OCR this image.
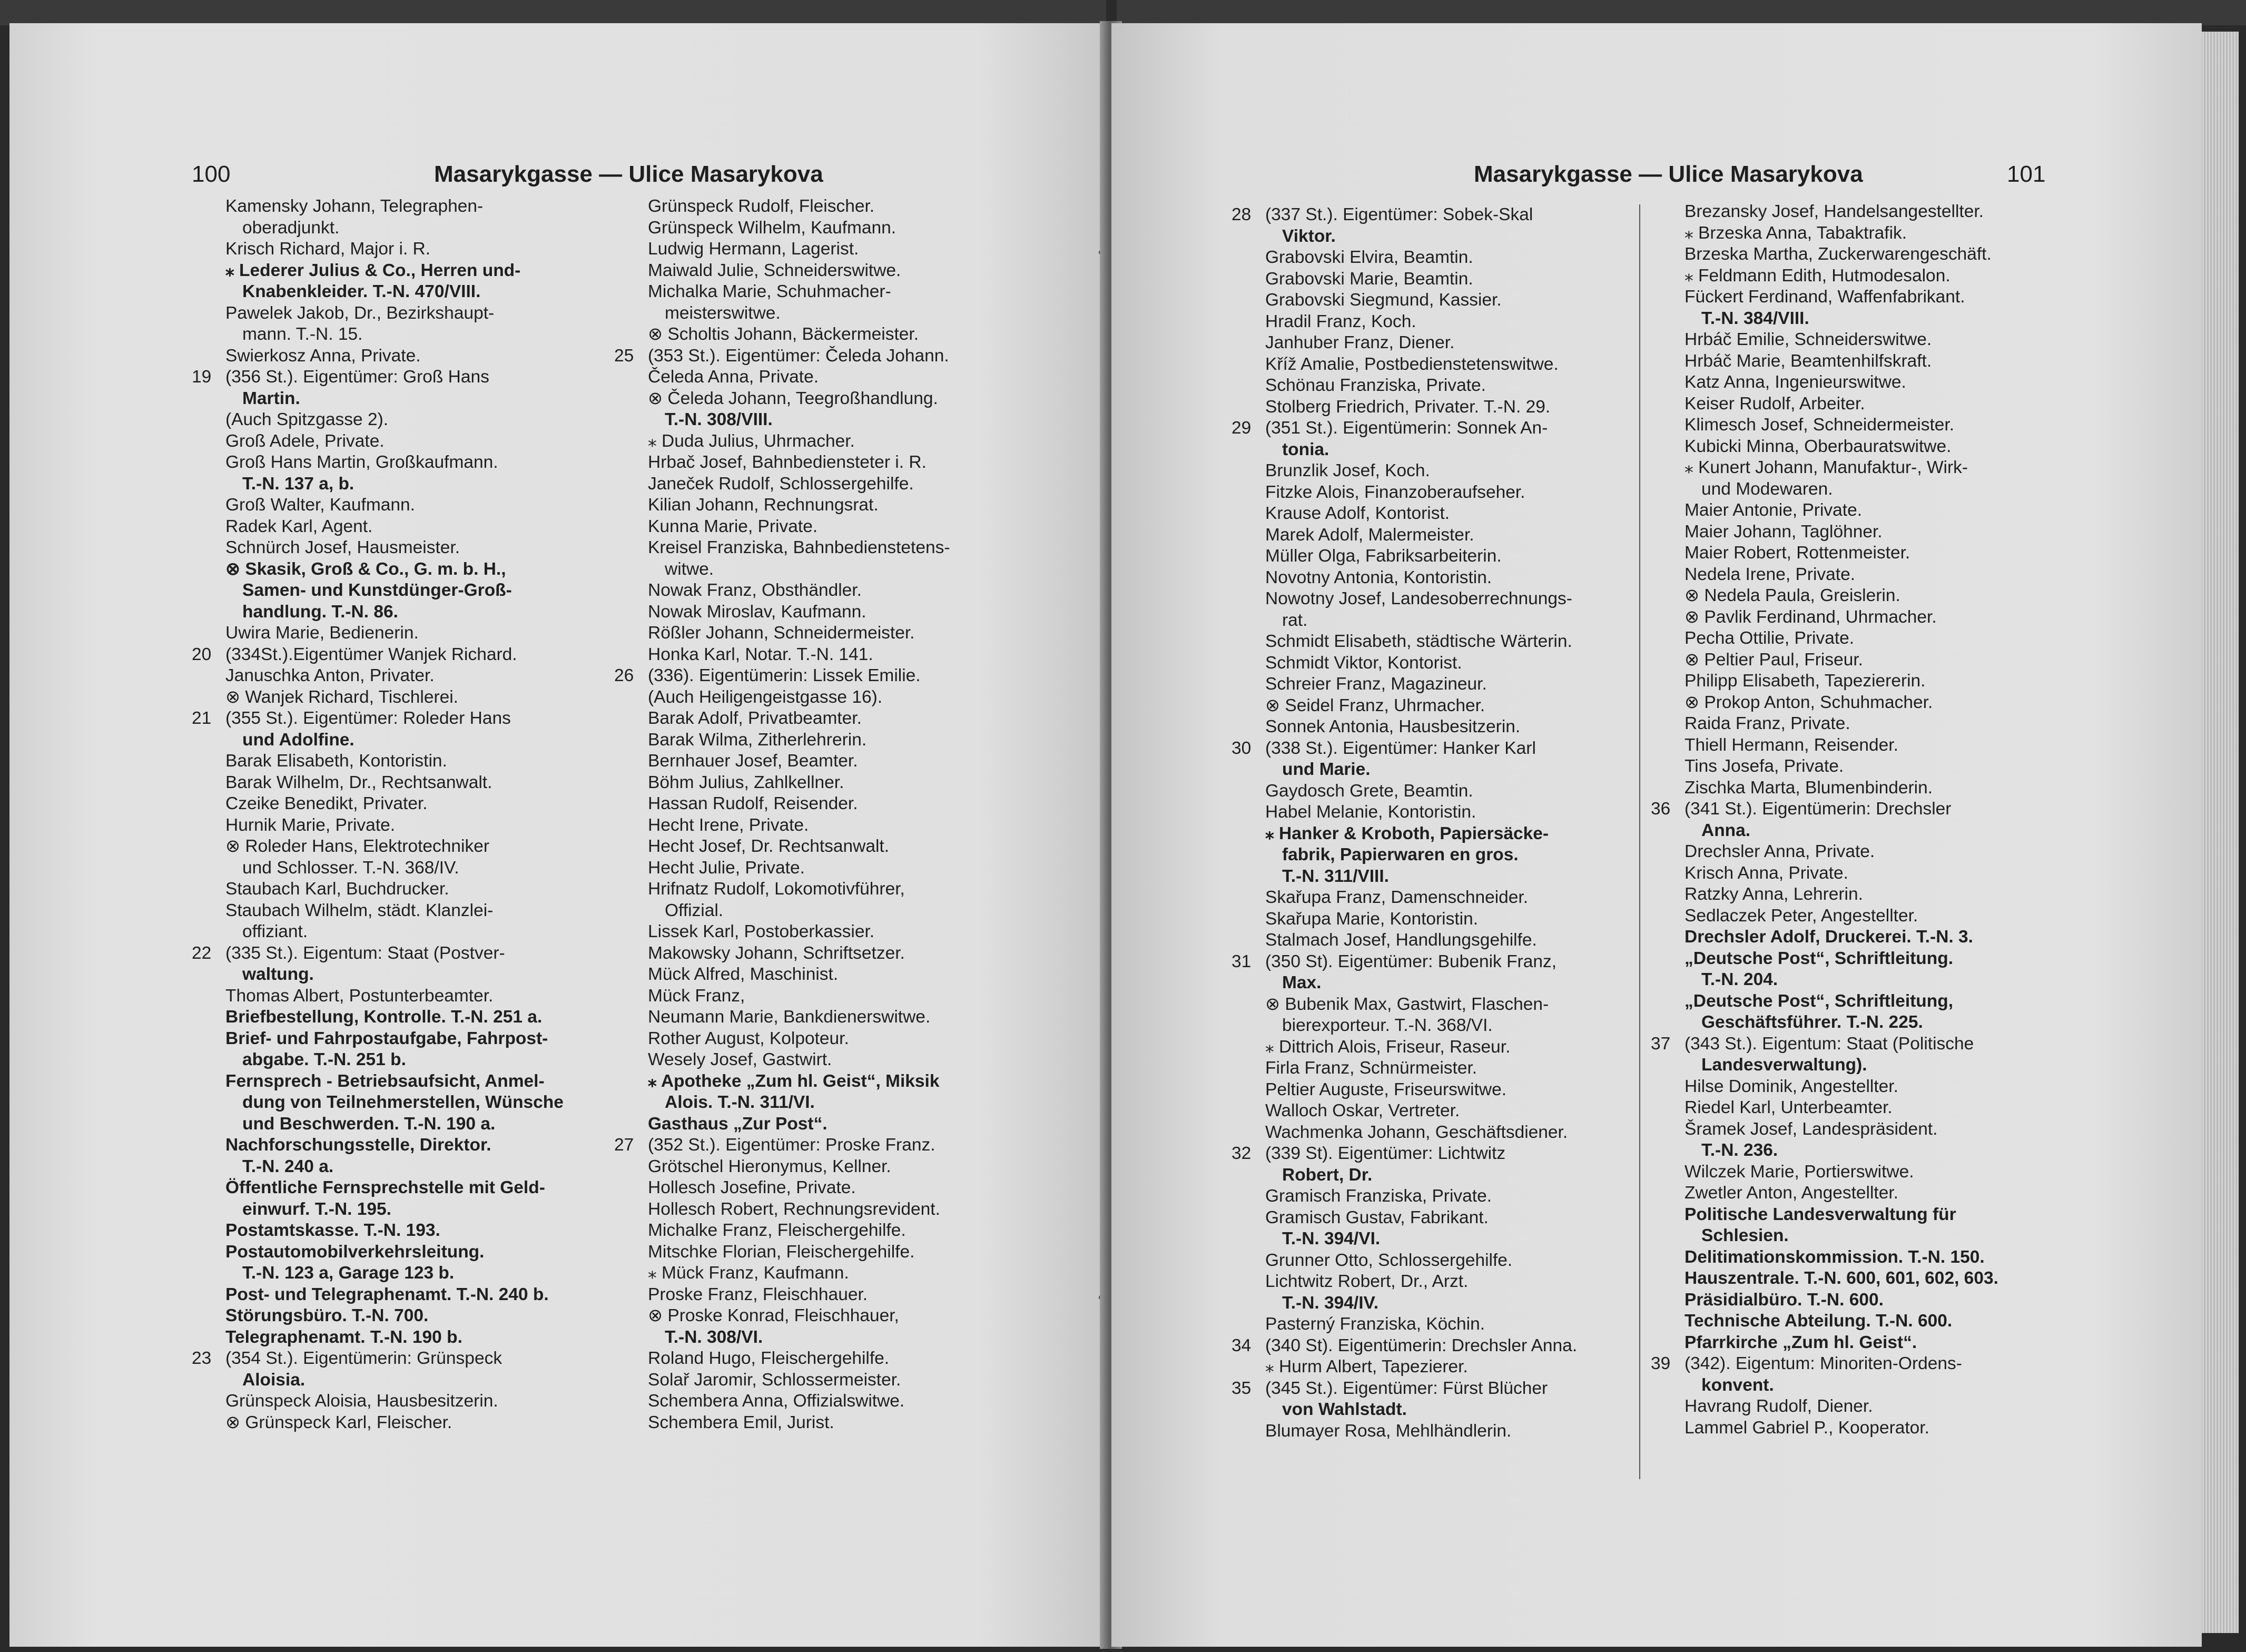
100	Masarykgasse — Ulice Masarykova
Kamensky Johann, Telegraphen-
oberadjunkt.
Krisch Richard, Major i. R.
⁎ Lederer Julius & Co., Herren und-
Knabenkleider. T.-N. 470/VIII.
Pawelek Jakob, Dr., Bezirkshaupt-
mann. T.-N. 15.
Swierkosz Anna, Private.
19 (356 St.). Eigentümer: Groß Hans
Martin.
(Auch Spitzgasse 2).
Groß Adele, Private.
Groß Hans Martin, Großkaufmann.
T.-N. 137 a, b.
Groß Walter, Kaufmann.
Radek Karl, Agent.
Schnürch Josef, Hausmeister.
⊗ Skasik, Groß & Co., G. m. b. H.,
Samen- und Kunstdünger-Groß-
handlung. T.-N. 86.
Uwira Marie, Bedienerin.
20 (334St.).Eigentümer Wanjek Richard.
Januschka Anton, Privater.
⊗ Wanjek Richard, Tischlerei.
21 (355 St.). Eigentümer: Roleder Hans
und Adolfine.
Barak Elisabeth, Kontoristin.
Barak Wilhelm, Dr., Rechtsanwalt.
Czeike Benedikt, Privater.
Hurnik Marie, Private.
⊗ Roleder Hans, Elektrotechniker
und Schlosser. T.-N. 368/IV.
Staubach Karl, Buchdrucker.
Staubach Wilhelm, städt. Klanzlei-
offiziant.
22 (335 St.). Eigentum: Staat (Postver-
waltung.
Thomas Albert, Postunterbeamter.
Briefbestellung, Kontrolle. T.-N. 251 a.
Brief- und Fahrpostaufgabe, Fahrpost-
abgabe. T.-N. 251 b.
Fernsprech - Betriebsaufsicht, Anmel-
dung von Teilnehmerstellen, Wünsche
und Beschwerden. T.-N. 190 a.
Nachforschungsstelle, Direktor.
T.-N. 240 a.
Öffentliche Fernsprechstelle mit Geld-
einwurf. T.-N. 195.
Postamtskasse. T.-N. 193.
Postautomobilverkehrsleitung.
T.-N. 123 a, Garage 123 b.
Post- und Telegraphenamt. T.-N. 240 b.
Störungsbüro. T.-N. 700.
Telegraphenamt. T.-N. 190 b.
23 (354 St.). Eigentümerin: Grünspeck
Aloisia.
Grünspeck Aloisia, Hausbesitzerin.
⊗ Grünspeck Karl, Fleischer.
Grünspeck Rudolf, Fleischer.
Grünspeck Wilhelm, Kaufmann.
Ludwig Hermann, Lagerist.
Maiwald Julie, Schneiderswitwe.
Michalka Marie, Schuhmacher-
meisterswitwe.
⊗ Scholtis Johann, Bäckermeister.
25 (353 St.). Eigentümer: Čeleda Johann.
Čeleda Anna, Private.
⊗ Čeleda Johann, Teegroßhandlung.
T.-N. 308/VIII.
⁎ Duda Julius, Uhrmacher.
Hrbač Josef, Bahnbediensteter i. R.
Janeček Rudolf, Schlossergehilfe.
Kilian Johann, Rechnungsrat.
Kunna Marie, Private.
Kreisel Franziska, Bahnbedienstetens-
witwe.
Nowak Franz, Obsthändler.
Nowak Miroslav, Kaufmann.
Rößler Johann, Schneidermeister.
Honka Karl, Notar. T.-N. 141.
26 (336). Eigentümerin: Lissek Emilie.
(Auch Heiligengeistgasse 16).
Barak Adolf, Privatbeamter.
Barak Wilma, Zitherlehrerin.
Bernhauer Josef, Beamter.
Böhm Julius, Zahlkellner.
Hassan Rudolf, Reisender.
Hecht Irene, Private.
Hecht Josef, Dr. Rechtsanwalt.
Hecht Julie, Private.
Hrifnatz Rudolf, Lokomotivführer,
Offizial.
Lissek Karl, Postoberkassier.
Makowsky Johann, Schriftsetzer.
Mück Alfred, Maschinist.
Mück Franz,
Neumann Marie, Bankdienerswitwe.
Rother August, Kolpoteur.
Wesely Josef, Gastwirt.
⁎ Apotheke „Zum hl. Geist“, Miksik
Alois. T.-N. 311/VI.
Gasthaus „Zur Post“.
27 (352 St.). Eigentümer: Proske Franz.
Grötschel Hieronymus, Kellner.
Hollesch Josefine, Private.
Hollesch Robert, Rechnungsrevident.
Michalke Franz, Fleischergehilfe.
Mitschke Florian, Fleischergehilfe.
⁎ Mück Franz, Kaufmann.
Proske Franz, Fleischhauer.
⊗ Proske Konrad, Fleischhauer,
T.-N. 308/VI.
Roland Hugo, Fleischergehilfe.
Solař Jaromir, Schlossermeister.
Schembera Anna, Offizialswitwe.
Schembera Emil, Jurist.
Masarykgasse — Ulice Masarykova	101
28 (337 St.). Eigentümer: Sobek-Skal
Viktor.
Grabovski Elvira, Beamtin.
Grabovski Marie, Beamtin.
Grabovski Siegmund, Kassier.
Hradil Franz, Koch.
Janhuber Franz, Diener.
Kříž Amalie, Postbedienstetenswitwe.
Schönau Franziska, Private.
Stolberg Friedrich, Privater. T.-N. 29.
29 (351 St.). Eigentümerin: Sonnek An-
tonia.
Brunzlik Josef, Koch.
Fitzke Alois, Finanzoberaufseher.
Krause Adolf, Kontorist.
Marek Adolf, Malermeister.
Müller Olga, Fabriksarbeiterin.
Novotny Antonia, Kontoristin.
Nowotny Josef, Landesoberrechnungs-
rat.
Schmidt Elisabeth, städtische Wärterin.
Schmidt Viktor, Kontorist.
Schreier Franz, Magazineur.
⊗ Seidel Franz, Uhrmacher.
Sonnek Antonia, Hausbesitzerin.
30 (338 St.). Eigentümer: Hanker Karl
und Marie.
Gaydosch Grete, Beamtin.
Habel Melanie, Kontoristin.
⁎ Hanker & Kroboth, Papiersäcke-
fabrik, Papierwaren en gros.
T.-N. 311/VIII.
Skařupa Franz, Damenschneider.
Skařupa Marie, Kontoristin.
Stalmach Josef, Handlungsgehilfe.
31 (350 St). Eigentümer: Bubenik Franz,
Max.
⊗ Bubenik Max, Gastwirt, Flaschen-
bierexporteur. T.-N. 368/VI.
⁎ Dittrich Alois, Friseur, Raseur.
Firla Franz, Schnürmeister.
Peltier Auguste, Friseurswitwe.
Walloch Oskar, Vertreter.
Wachmenka Johann, Geschäftsdiener.
32 (339 St). Eigentümer: Lichtwitz
Robert, Dr.
Gramisch Franziska, Private.
Gramisch Gustav, Fabrikant.
T.-N. 394/VI.
Grunner Otto, Schlossergehilfe.
Lichtwitz Robert, Dr., Arzt.
T.-N. 394/IV.
Pasterný Franziska, Köchin.
34 (340 St). Eigentümerin: Drechsler Anna.
⁎ Hurm Albert, Tapezierer.
35 (345 St.). Eigentümer: Fürst Blücher
von Wahlstadt.
Blumayer Rosa, Mehlhändlerin.
Brezansky Josef, Handelsangestellter.
⁎ Brzeska Anna, Tabaktrafik.
Brzeska Martha, Zuckerwarengeschäft.
⁎ Feldmann Edith, Hutmodesalon.
Fückert Ferdinand, Waffenfabrikant.
T.-N. 384/VIII.
Hrbáč Emilie, Schneiderswitwe.
Hrbáč Marie, Beamtenhilfskraft.
Katz Anna, Ingenieurswitwe.
Keiser Rudolf, Arbeiter.
Klimesch Josef, Schneidermeister.
Kubicki Minna, Oberbauratswitwe.
⁎ Kunert Johann, Manufaktur-, Wirk-
und Modewaren.
Maier Antonie, Private.
Maier Johann, Taglöhner.
Maier Robert, Rottenmeister.
Nedela Irene, Private.
⊗ Nedela Paula, Greislerin.
⊗ Pavlik Ferdinand, Uhrmacher.
Pecha Ottilie, Private.
⊗ Peltier Paul, Friseur.
Philipp Elisabeth, Tapeziererin.
⊗ Prokop Anton, Schuhmacher.
Raida Franz, Private.
Thiell Hermann, Reisender.
Tins Josefa, Private.
Zischka Marta, Blumenbinderin.
36 (341 St.). Eigentümerin: Drechsler
Anna.
Drechsler Anna, Private.
Krisch Anna, Private.
Ratzky Anna, Lehrerin.
Sedlaczek Peter, Angestellter.
Drechsler Adolf, Druckerei. T.-N. 3.
„Deutsche Post“, Schriftleitung.
T.-N. 204.
„Deutsche Post“, Schriftleitung,
Geschäftsführer. T.-N. 225.
37 (343 St.). Eigentum: Staat (Politische
Landesverwaltung).
Hilse Dominik, Angestellter.
Riedel Karl, Unterbeamter.
Šramek Josef, Landespräsident.
T.-N. 236.
Wilczek Marie, Portierswitwe.
Zwetler Anton, Angestellter.
Politische Landesverwaltung für
Schlesien.
Delitimationskommission. T.-N. 150.
Hauszentrale. T.-N. 600, 601, 602, 603.
Präsidialbüro. T.-N. 600.
Technische Abteilung. T.-N. 600.
Pfarrkirche „Zum hl. Geist“.
39 (342). Eigentum: Minoriten-Ordens-
konvent.
Havrang Rudolf, Diener.
Lammel Gabriel P., Kooperator.
